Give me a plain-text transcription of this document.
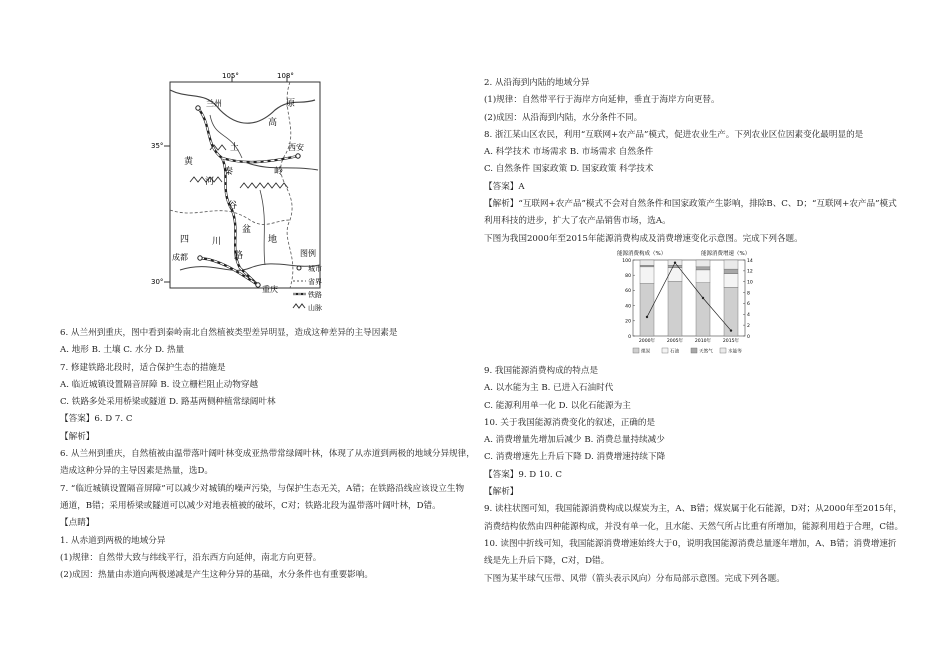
105°	108°
35°
30°
兰州
西安
成都
重庆
高
原
土
黄
河
秦	岭
谷
四	川
盆
路
地
图例
城市
省界
铁路
山脉

6. 从兰州到重庆，图中看到秦岭南北自然植被类型差异明显，造成这种差异的主导因素是

A. 地形 B. 土壤 C. 水分 D. 热量

7. 修建铁路北段时，适合保护生态的措施是

A. 临近城镇设置隔音屏障 B. 设立栅栏阻止动物穿越

C. 铁路多处采用桥梁或隧道 D. 路基两侧种植常绿阔叶林

【答案】6. D 7. C

【解析】

6. 从兰州到重庆，自然植被由温带落叶阔叶林变成亚热带常绿阔叶林，体现了从赤道到两极的地域分异规律，

造成这种分异的主导因素是热量，选D。

7. “临近城镇设置隔音屏障”可以减少对城镇的噪声污染，与保护生态无关，A错；在铁路沿线应该设立生物

通道，B错；采用桥梁或隧道可以减少对地表植被的破坏，C对；铁路北段为温带落叶阔叶林，D错。

【点睛】

1. 从赤道到两极的地域分异

(1)规律：自然带大致与纬线平行，沿东西方向延伸，南北方向更替。

(2)成因：热量由赤道向两极递减是产生这种分异的基础，水分条件也有重要影响。

2. 从沿海到内陆的地域分异

(1)规律：自然带平行于海岸方向延伸，垂直于海岸方向更替。

(2)成因：从沿海到内陆，水分条件不同。

8. 浙江某山区农民，利用“互联网+农产品”模式，促进农业生产。下列农业区位因素变化最明显的是

A. 科学技术 市场需求 B. 市场需求 自然条件

C. 自然条件 国家政策 D. 国家政策 科学技术

【答案】A

【解析】“互联网+农产品”模式不会对自然条件和国家政策产生影响，排除B、C、D；“互联网+农产品”模式

利用科技的进步，扩大了农产品销售市场，选A。

下图为我国2000年至2015年能源消费构成及消费增速变化示意图。完成下列各题。

能源消费构成（%）	能源消费增速（%）
0
20
40
60
80
100
0
2
4
6
8
10
12
14
2000年	2005年	2010年	2015年
煤炭	石油	天然气	水能等

9. 我国能源消费构成的特点是

A. 以水能为主 B. 已进入石油时代

C. 能源利用单一化 D. 以化石能源为主

10. 关于我国能源消费变化的叙述，正确的是

A. 消费增量先增加后减少 B. 消费总量持续减少

C. 消费增速先上升后下降 D. 消费增速持续下降

【答案】9. D 10. C

【解析】

9. 读柱状图可知，我国能源消费构成以煤炭为主，A、B错；煤炭属于化石能源，D对；从2000年至2015年，

消费结构依然由四种能源构成，并没有单一化，且水能、天然气所占比重有所增加，能源利用趋于合理，C错。

10. 读图中折线可知，我国能源消费增速始终大于0，说明我国能源消费总量逐年增加，A、B错；消费增速折

线是先上升后下降，C对，D错。

下图为某半球气压带、风带（箭头表示风向）分布局部示意图。完成下列各题。
